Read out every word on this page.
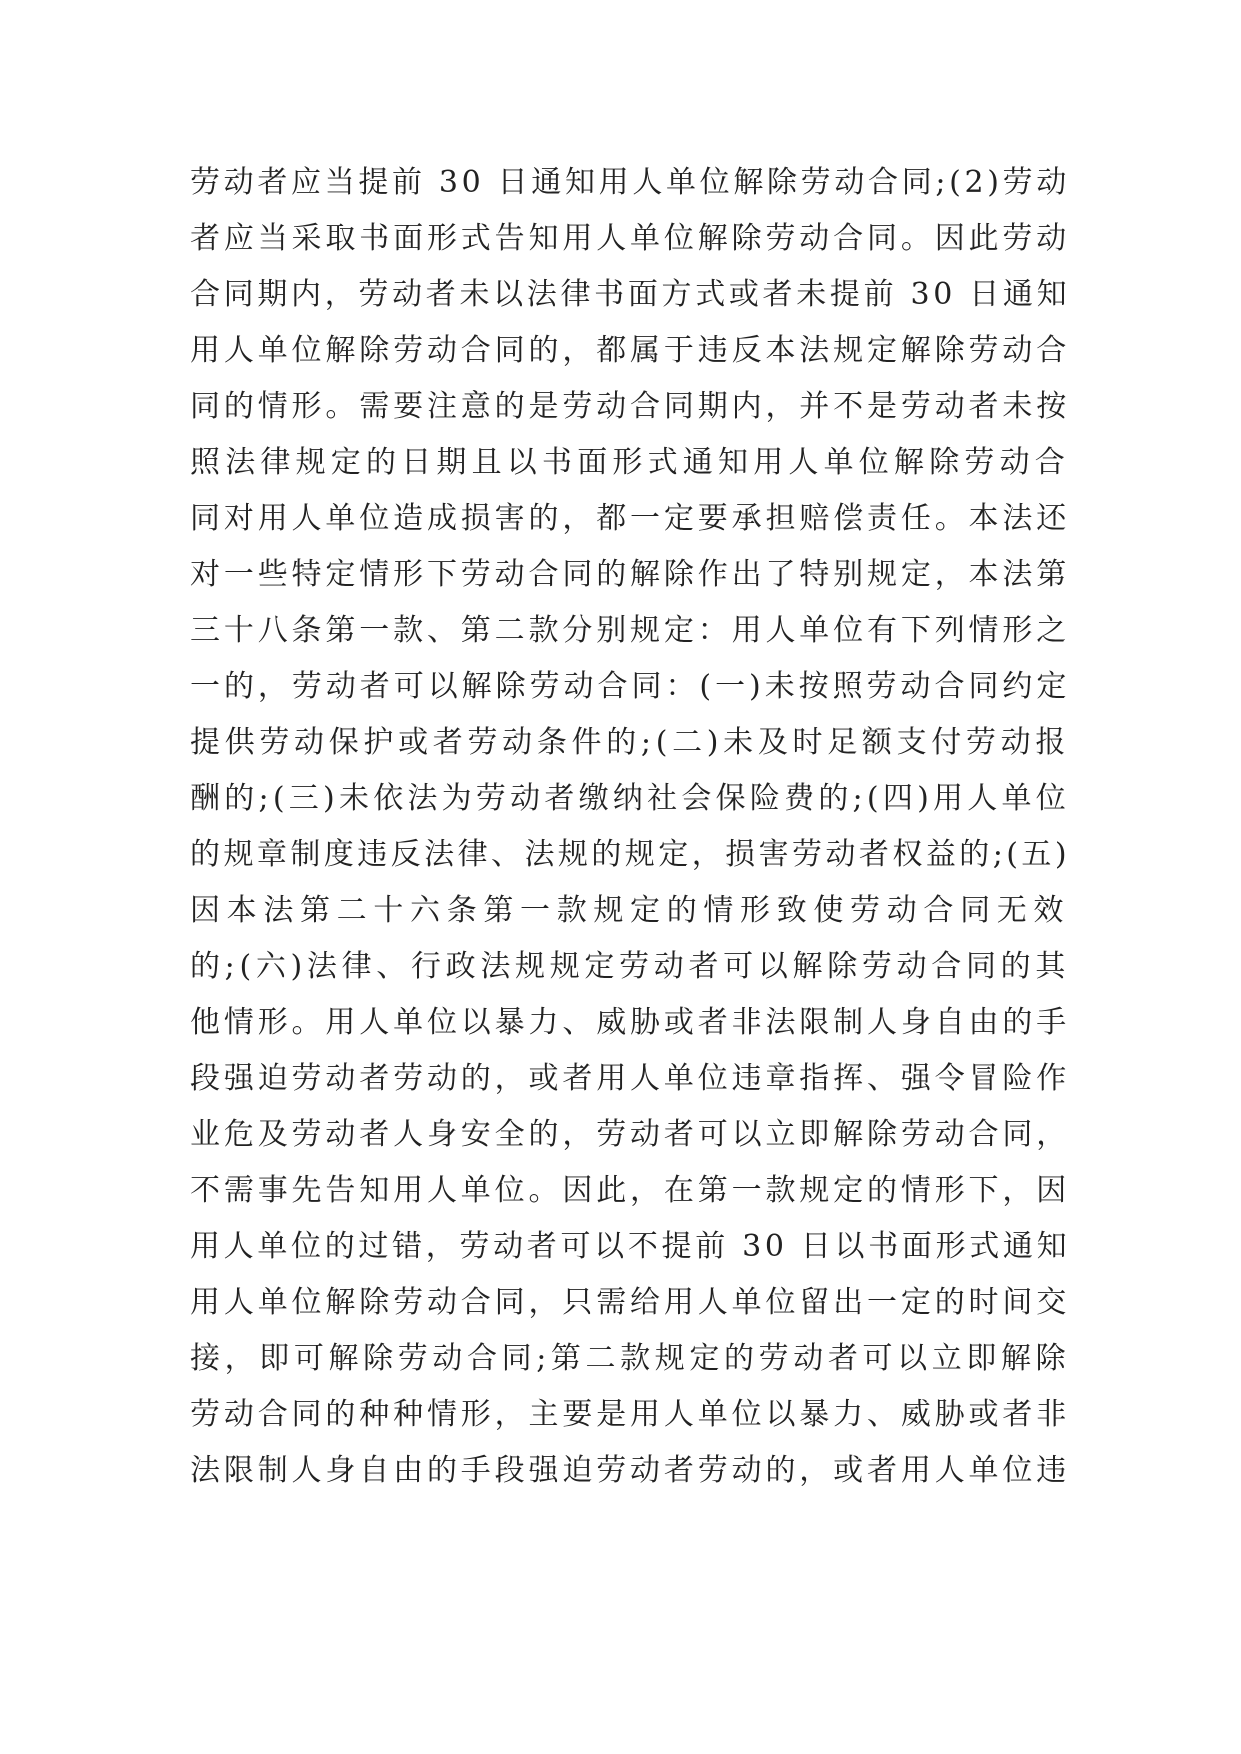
劳动者应当提前 30 日通知用人单位解除劳动合同;(2)劳动
者应当采取书面形式告知用人单位解除劳动合同。因此劳动
合同期内，劳动者未以法律书面方式或者未提前 30 日通知
用人单位解除劳动合同的，都属于违反本法规定解除劳动合
同的情形。需要注意的是劳动合同期内，并不是劳动者未按
照法律规定的日期且以书面形式通知用人单位解除劳动合
同对用人单位造成损害的，都一定要承担赔偿责任。本法还
对一些特定情形下劳动合同的解除作出了特别规定，本法第
三十八条第一款、第二款分别规定：用人单位有下列情形之
一的，劳动者可以解除劳动合同：(一)未按照劳动合同约定
提供劳动保护或者劳动条件的;(二)未及时足额支付劳动报
酬的;(三)未依法为劳动者缴纳社会保险费的;(四)用人单位
的规章制度违反法律、法规的规定，损害劳动者权益的;(五)
因本法第二十六条第一款规定的情形致使劳动合同无效
的;(六)法律、行政法规规定劳动者可以解除劳动合同的其
他情形。用人单位以暴力、威胁或者非法限制人身自由的手
段强迫劳动者劳动的，或者用人单位违章指挥、强令冒险作
业危及劳动者人身安全的，劳动者可以立即解除劳动合同，
不需事先告知用人单位。因此，在第一款规定的情形下，因
用人单位的过错，劳动者可以不提前 30 日以书面形式通知
用人单位解除劳动合同，只需给用人单位留出一定的时间交
接，即可解除劳动合同;第二款规定的劳动者可以立即解除
劳动合同的种种情形，主要是用人单位以暴力、威胁或者非
法限制人身自由的手段强迫劳动者劳动的，或者用人单位违
